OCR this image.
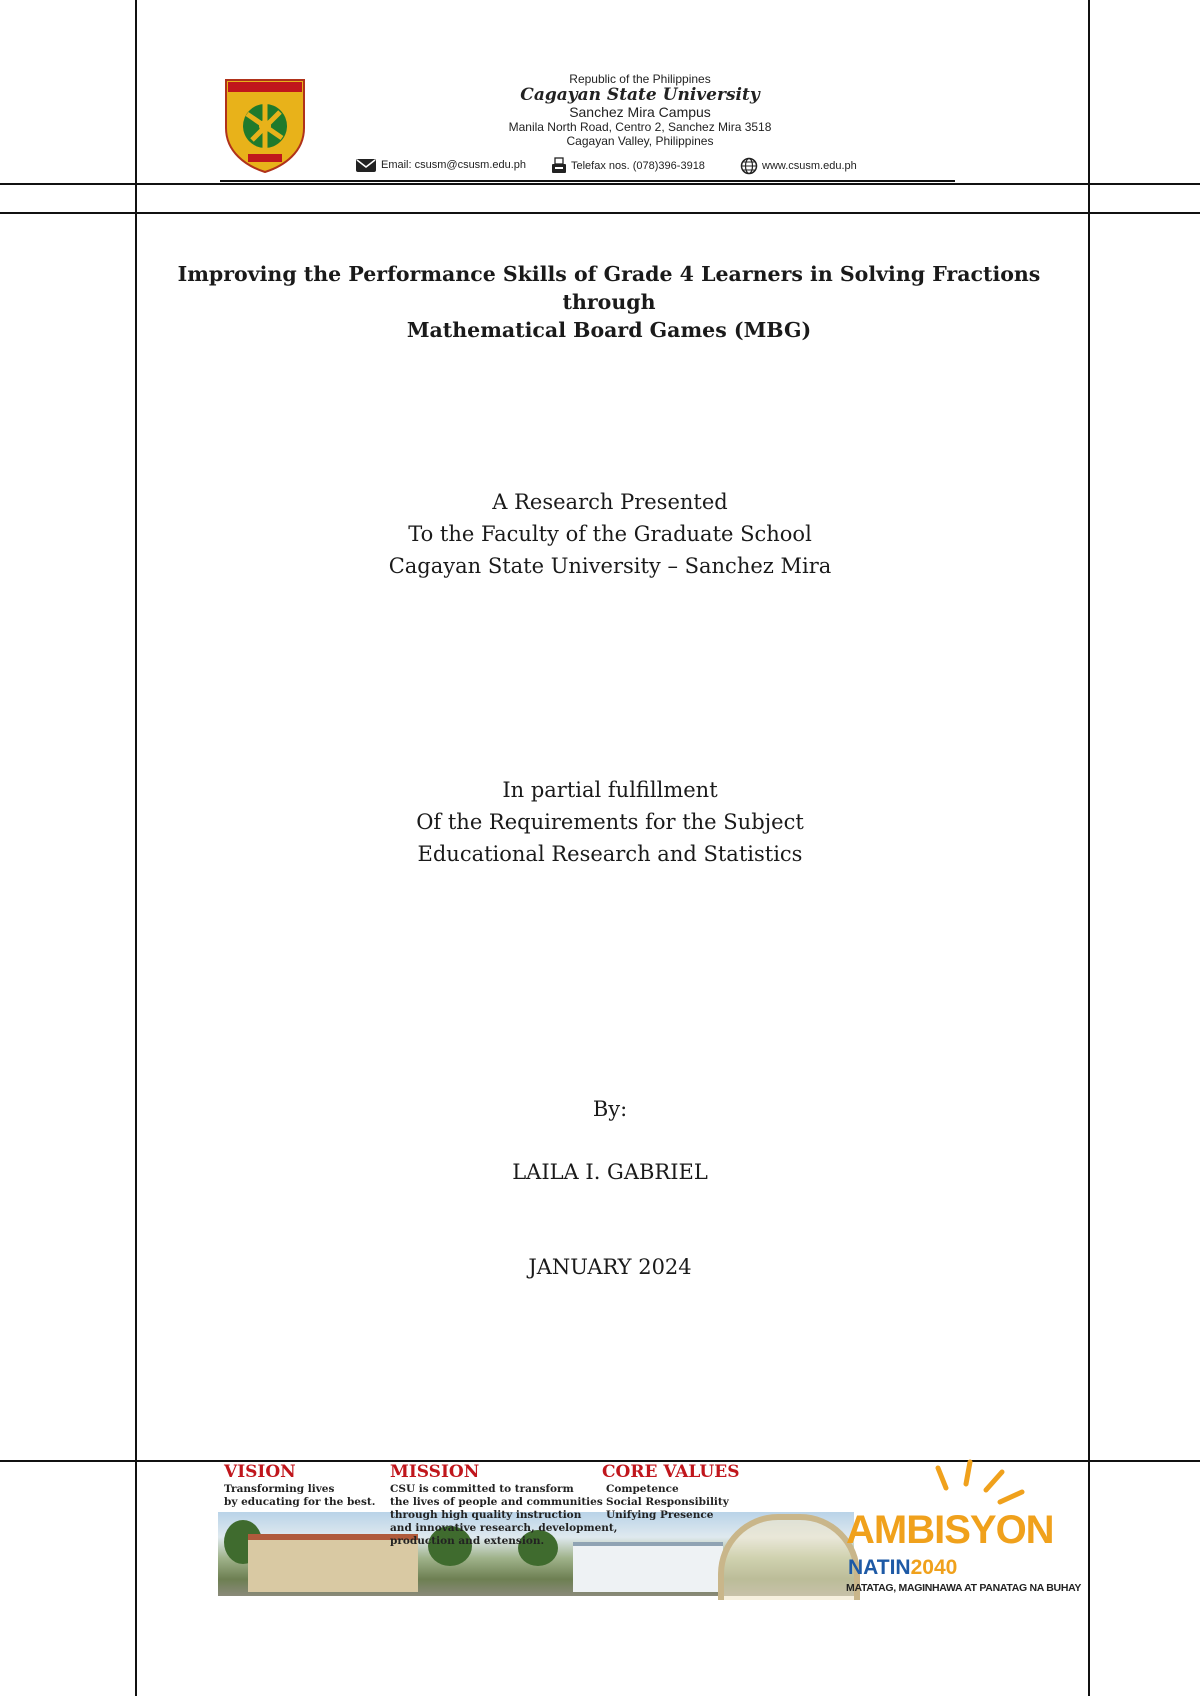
Republic of the Philippines
Cagayan State University
Sanchez Mira Campus
Manila North Road, Centro 2, Sanchez Mira 3518
Cagayan Valley, Philippines
Email: csusm@csusm.edu.ph	Telefax nos. (078)396-3918	www.csusm.edu.ph
Improving the Performance Skills of Grade 4 Learners in Solving Fractions through
Mathematical Board Games (MBG)
A Research Presented
To the Faculty of the Graduate School
Cagayan State University – Sanchez Mira
In partial fulfillment
Of the Requirements for the Subject
Educational Research and Statistics
By:
LAILA I. GABRIEL
JANUARY 2024
VISION
Transforming lives
by educating for the best.
MISSION
CSU is committed to transform
the lives of people and communities
through high quality instruction
and innovative research, development,
production and extension.
CORE VALUES
Competence
Social Responsibility
Unifying Presence	AMBISYON
NATIN2040
MATATAG, MAGINHAWA AT PANATAG NA BUHAY
